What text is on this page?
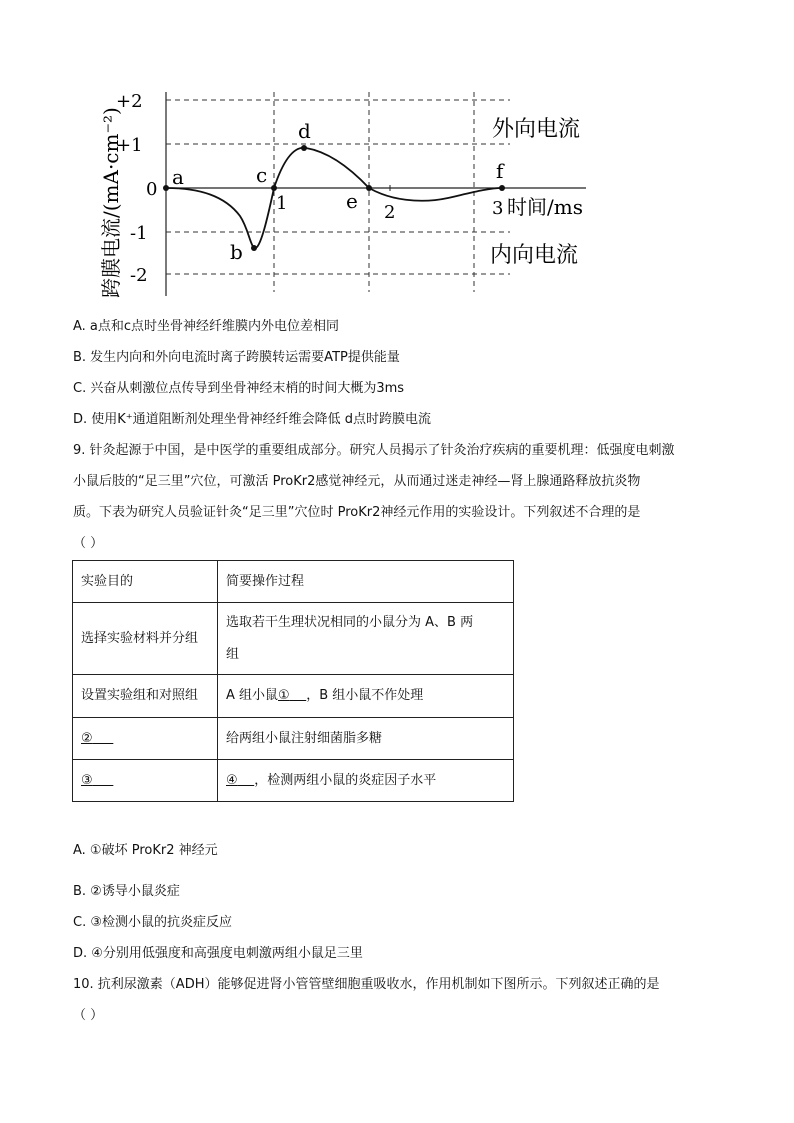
跨膜电流/(mA·cm⁻²)
+2
+1
0
-1
-2
1	2	3 时间/ms
a
b
c
d
e
f
外向电流
内向电流
A. a点和c点时坐骨神经纤维膜内外电位差相同
B. 发生内向和外向电流时离子跨膜转运需要ATP提供能量
C. 兴奋从刺激位点传导到坐骨神经末梢的时间大概为3ms
D. 使用K⁺通道阻断剂处理坐骨神经纤维会降低 d点时跨膜电流
9. 针灸起源于中国，是中医学的重要组成部分。研究人员揭示了针灸治疗疾病的重要机理：低强度电刺激
小鼠后肢的“足三里”穴位，可激活 ProKr2感觉神经元，从而通过迷走神经—肾上腺通路释放抗炎物
质。下表为研究人员验证针灸“足三里”穴位时 ProKr2神经元作用的实验设计。下列叙述不合理的是
（ ）
实验目的	简要操作过程
选择实验材料并分组	选取若干生理状况相同的小鼠分为 A、B 两
组

设置实验组和对照组	A 组小鼠① ，B 组小鼠不作处理
②	给两组小鼠注射细菌脂多糖
③	④ ，检测两组小鼠的炎症因子水平
A. ①破坏 ProKr2 神经元
B. ②诱导小鼠炎症
C. ③检测小鼠的抗炎症反应
D. ④分别用低强度和高强度电刺激两组小鼠足三里
10. 抗利尿激素（ADH）能够促进肾小管管壁细胞重吸收水，作用机制如下图所示。下列叙述正确的是
（ ）
